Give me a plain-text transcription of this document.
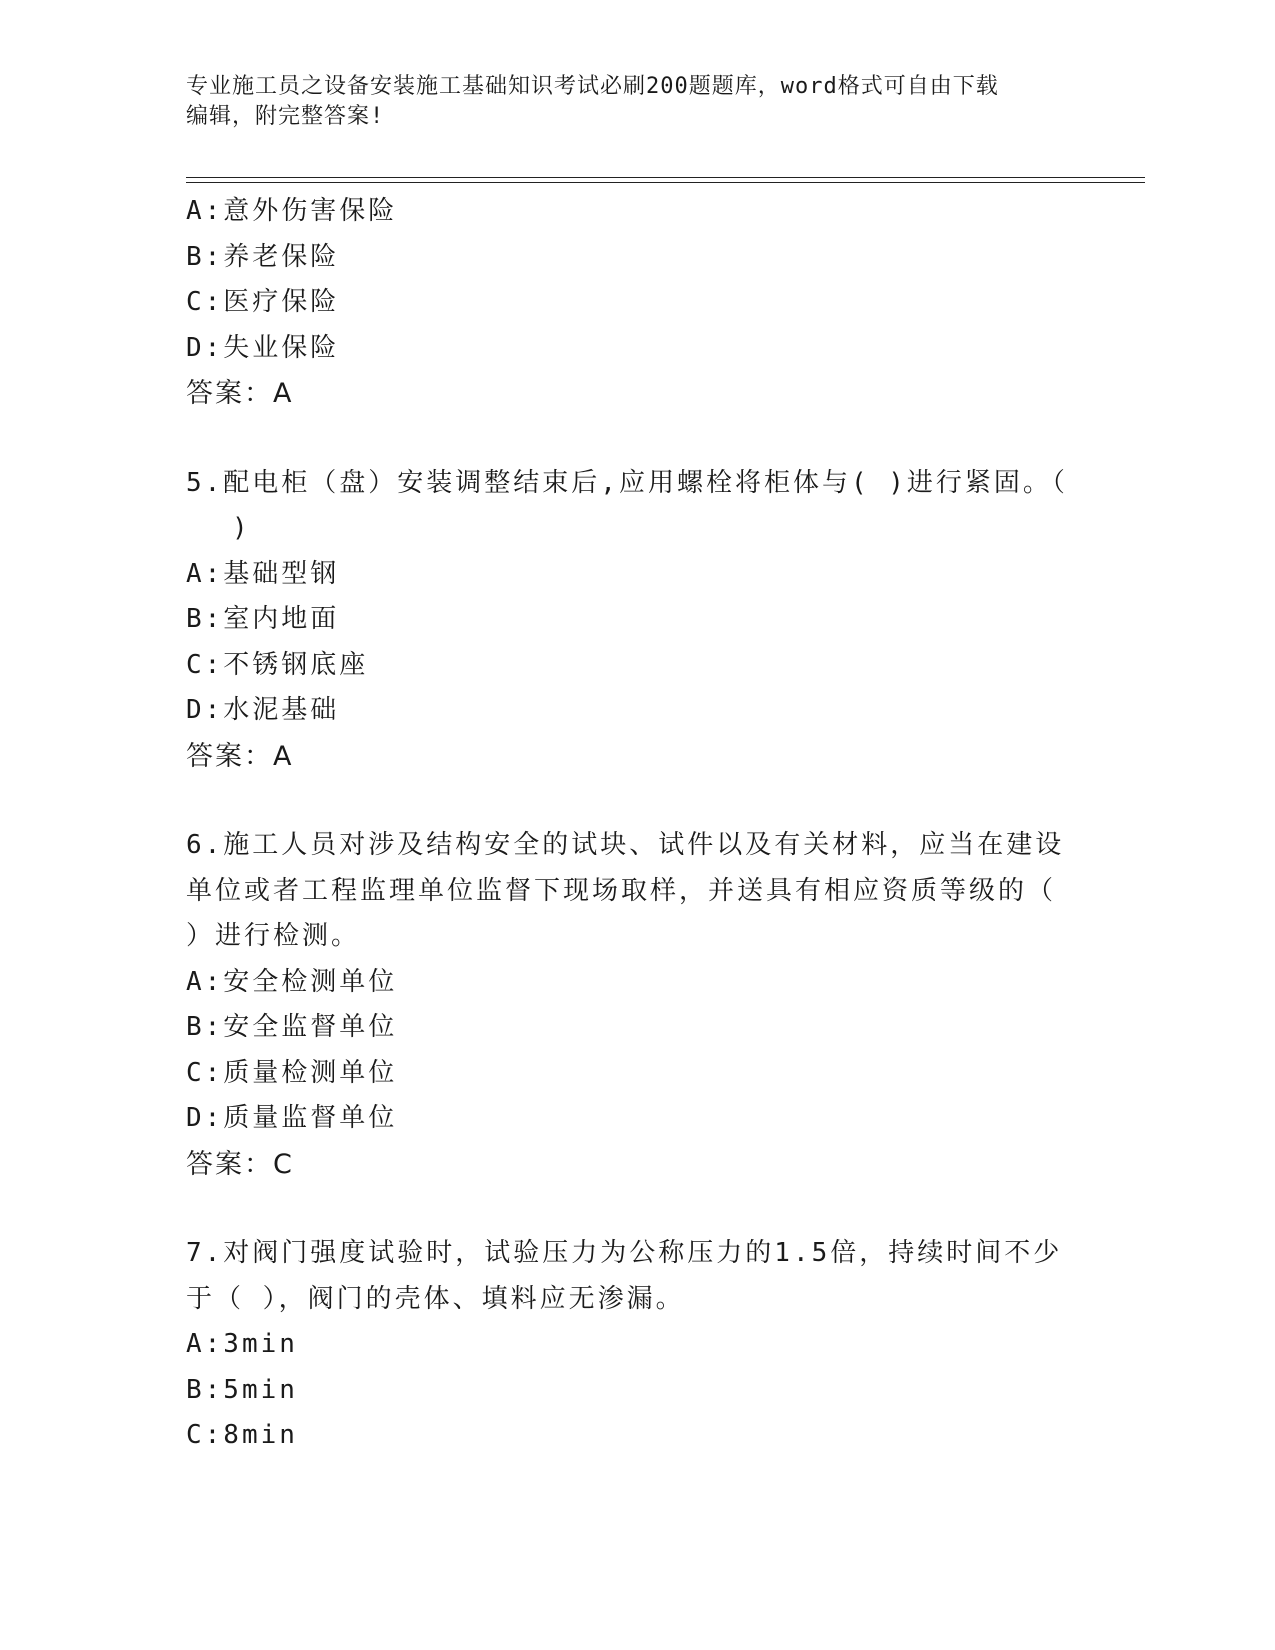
专业施工员之设备安装施工基础知识考试必刷200题题库，word格式可自由下载
编辑，附完整答案!
A:意外伤害保险
B:养老保险
C:医疗保险
D:失业保险
答案：A
5.配电柜（盘）安装调整结束后,应用螺栓将柜体与( )进行紧固。（
)
A:基础型钢
B:室内地面
C:不锈钢底座
D:水泥基础
答案：A
6.施工人员对涉及结构安全的试块、试件以及有关材料，应当在建设
单位或者工程监理单位监督下现场取样，并送具有相应资质等级的（
）进行检测。
A:安全检测单位
B:安全监督单位
C:质量检测单位
D:质量监督单位
答案：C
7.对阀门强度试验时，试验压力为公称压力的1.5倍，持续时间不少
于（ ），阀门的壳体、填料应无渗漏。
A:3min
B:5min
C:8min
